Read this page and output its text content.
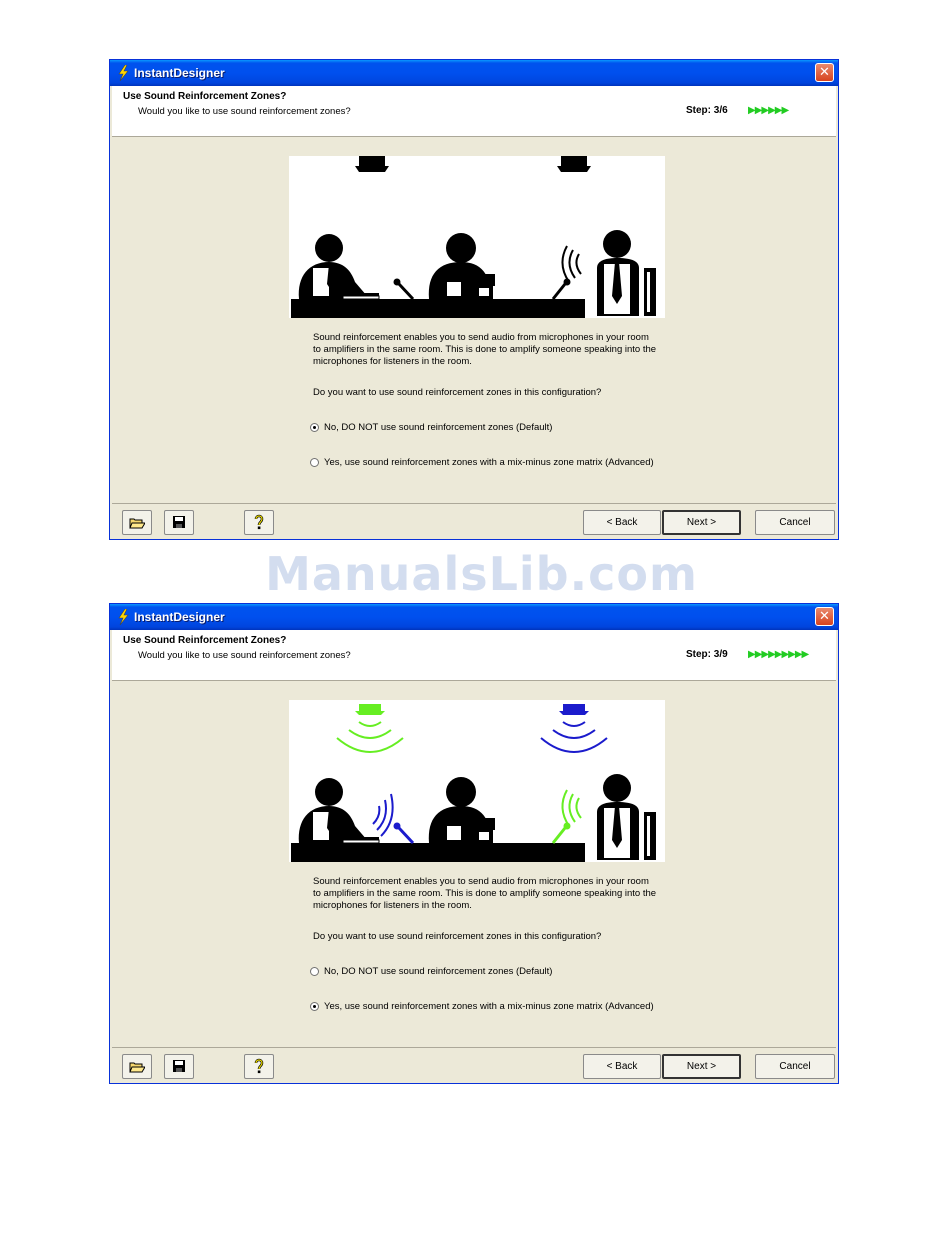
ManualsLib.com
InstantDesigner	✕
Use Sound Reinforcement Zones?
Would you like to use sound reinforcement zones?	Step: 3/6 ▶▶▶▶▶▶
Sound reinforcement enables you to send audio from microphones in your room to amplifiers in the same room. This is done to amplify someone speaking into the microphones for listeners in the room.
Do you want to use sound reinforcement zones in this configuration?
No, DO NOT use sound reinforcement zones (Default)
Yes, use sound reinforcement zones with a mix-minus zone matrix (Advanced)
< Back	Next >	Cancel
InstantDesigner	✕
Use Sound Reinforcement Zones?
Would you like to use sound reinforcement zones?	Step: 3/9 ▶▶▶▶▶▶▶▶▶
Sound reinforcement enables you to send audio from microphones in your room to amplifiers in the same room. This is done to amplify someone speaking into the microphones for listeners in the room.
Do you want to use sound reinforcement zones in this configuration?
No, DO NOT use sound reinforcement zones (Default)
Yes, use sound reinforcement zones with a mix-minus zone matrix (Advanced)
< Back	Next >	Cancel
